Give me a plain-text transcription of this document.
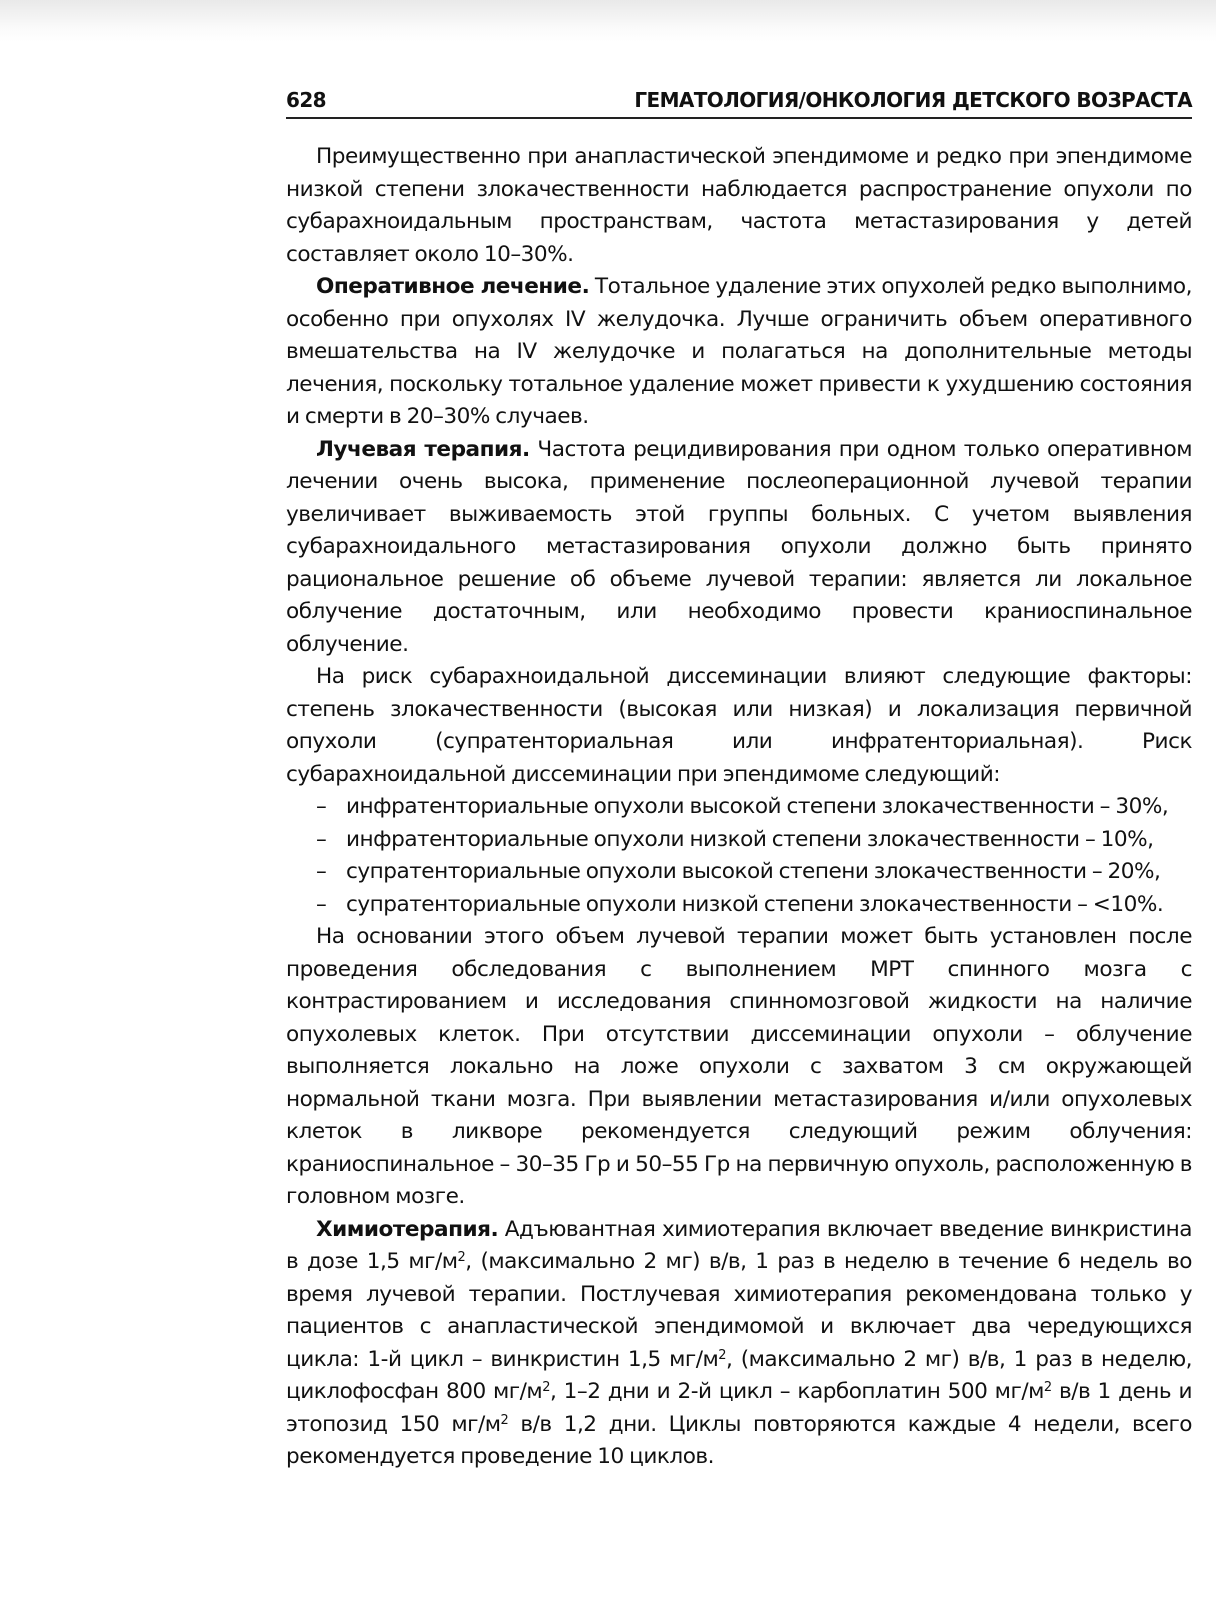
628	ГЕМАТОЛОГИЯ/ОНКОЛОГИЯ ДЕТСКОГО ВОЗРАСТА

Преимущественно при анапластической эпендимоме и редко при эпендимоме низкой степени злокачественности наблюдается распространение опухоли по субарахноидальным пространствам, частота метастазирования у детей составляет около 10–30%.

Оперативное лечение. Тотальное удаление этих опухолей редко выполнимо, особенно при опухолях IV желудочка. Лучше ограничить объем оперативного вмешательства на IV желудочке и полагаться на дополнительные методы лечения, поскольку тотальное удаление может привести к ухудшению состояния и смерти в 20–30% случаев.

Лучевая терапия. Частота рецидивирования при одном только оперативном лечении очень высока, применение послеоперационной лучевой терапии увеличивает выживаемость этой группы больных. С учетом выявления субарахноидального метастазирования опухоли должно быть принято рациональное решение об объеме лучевой терапии: является ли локальное облучение достаточным, или необходимо провести краниоспинальное облучение.

На риск субарахноидальной диссеминации влияют следующие факторы: степень злокачественности (высокая или низкая) и локализация первичной опухоли (супратенториальная или инфратенториальная). Риск субарахноидальной диссеминации при эпендимоме следующий:

– инфратенториальные опухоли высокой степени злокачественности – 30%,
– инфратенториальные опухоли низкой степени злокачественности – 10%,
– супратенториальные опухоли высокой степени злокачественности – 20%,
– супратенториальные опухоли низкой степени злокачественности – <10%.

На основании этого объем лучевой терапии может быть установлен после проведения обследования с выполнением МРТ спинного мозга с контрастированием и исследования спинномозговой жидкости на наличие опухолевых клеток. При отсутствии диссеминации опухоли – облучение выполняется локально на ложе опухоли с захватом 3 см окружающей нормальной ткани мозга. При выявлении метастазирования и/или опухолевых клеток в ликворе рекомендуется следующий режим облучения: краниоспинальное – 30–35 Гр и 50–55 Гр на первичную опухоль, расположенную в головном мозге.

Химиотерапия. Адъювантная химиотерапия включает введение винкристина в дозе 1,5 $мг/м^2$, (максимально 2 мг) в/в, 1 раз в неделю в течение 6 недель во время лучевой терапии. Постлучевая химиотерапия рекомендована только у пациентов с анапластической эпендимомой и включает два чередующихся цикла: 1-й цикл – винкристин 1,5 $мг/м^2$, (максимально 2 мг) в/в, 1 раз в неделю, циклофосфан 800 $мг/м^2$, 1–2 дни и 2-й цикл – карбоплатин 500 $мг/м^2$ в/в 1 день и этопозид 150 $мг/м^2$ в/в 1,2 дни. Циклы повторяются каждые 4 недели, всего рекомендуется проведение 10 циклов.
